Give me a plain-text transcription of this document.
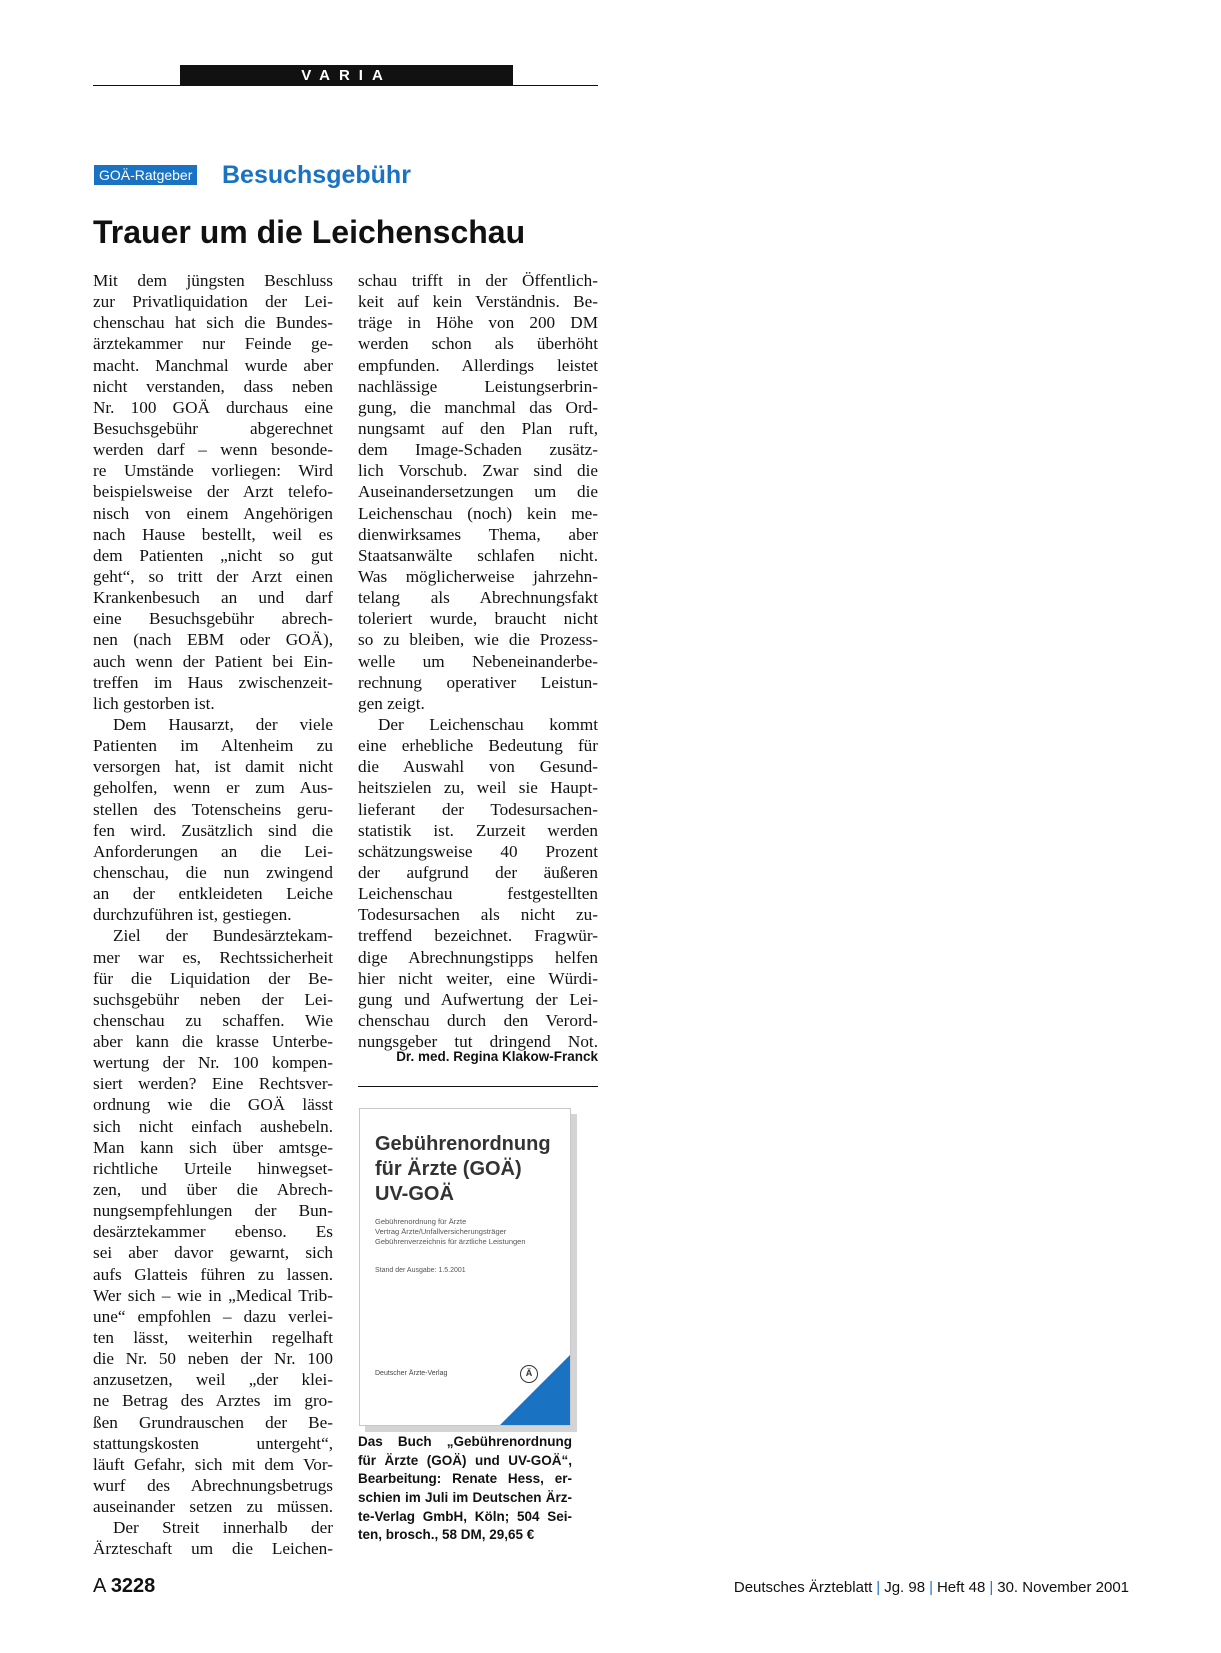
VARIA
GOÄ-Ratgeber Besuchsgebühr
Trauer um die Leichenschau
Mit dem jüngsten Beschluss
zur Privatliquidation der Lei-
chenschau hat sich die Bundes-
ärztekammer nur Feinde ge-
macht. Manchmal wurde aber
nicht verstanden, dass neben
Nr. 100 GOÄ durchaus eine
Besuchsgebühr abgerechnet
werden darf – wenn besonde-
re Umstände vorliegen: Wird
beispielsweise der Arzt telefo-
nisch von einem Angehörigen
nach Hause bestellt, weil es
dem Patienten „nicht so gut
geht“, so tritt der Arzt einen
Krankenbesuch an und darf
eine Besuchsgebühr abrech-
nen (nach EBM oder GOÄ),
auch wenn der Patient bei Ein-
treffen im Haus zwischenzeit-
lich gestorben ist.
Dem Hausarzt, der viele
Patienten im Altenheim zu
versorgen hat, ist damit nicht
geholfen, wenn er zum Aus-
stellen des Totenscheins geru-
fen wird. Zusätzlich sind die
Anforderungen an die Lei-
chenschau, die nun zwingend
an der entkleideten Leiche
durchzuführen ist, gestiegen.
Ziel der Bundesärztekam-
mer war es, Rechtssicherheit
für die Liquidation der Be-
suchsgebühr neben der Lei-
chenschau zu schaffen. Wie
aber kann die krasse Unterbe-
wertung der Nr. 100 kompen-
siert werden? Eine Rechtsver-
ordnung wie die GOÄ lässt
sich nicht einfach aushebeln.
Man kann sich über amtsge-
richtliche Urteile hinwegset-
zen, und über die Abrech-
nungsempfehlungen der Bun-
desärztekammer ebenso. Es
sei aber davor gewarnt, sich
aufs Glatteis führen zu lassen.
Wer sich – wie in „Medical Trib-
une“ empfohlen – dazu verlei-
ten lässt, weiterhin regelhaft
die Nr. 50 neben der Nr. 100
anzusetzen, weil „der klei-
ne Betrag des Arztes im gro-
ßen Grundrauschen der Be-
stattungskosten untergeht“,
läuft Gefahr, sich mit dem Vor-
wurf des Abrechnungsbetrugs
auseinander setzen zu müssen.
Der Streit innerhalb der
Ärzteschaft um die Leichen-
schau trifft in der Öffentlich-
keit auf kein Verständnis. Be-
träge in Höhe von 200 DM
werden schon als überhöht
empfunden. Allerdings leistet
nachlässige Leistungserbrin-
gung, die manchmal das Ord-
nungsamt auf den Plan ruft,
dem Image-Schaden zusätz-
lich Vorschub. Zwar sind die
Auseinandersetzungen um die
Leichenschau (noch) kein me-
dienwirksames Thema, aber
Staatsanwälte schlafen nicht.
Was möglicherweise jahrzehn-
telang als Abrechnungsfakt
toleriert wurde, braucht nicht
so zu bleiben, wie die Prozess-
welle um Nebeneinanderbe-
rechnung operativer Leistun-
gen zeigt.
Der Leichenschau kommt
eine erhebliche Bedeutung für
die Auswahl von Gesund-
heitszielen zu, weil sie Haupt-
lieferant der Todesursachen-
statistik ist. Zurzeit werden
schätzungsweise 40 Prozent
der aufgrund der äußeren
Leichenschau festgestellten
Todesursachen als nicht zu-
treffend bezeichnet. Fragwür-
dige Abrechnungstipps helfen
hier nicht weiter, eine Würdi-
gung und Aufwertung der Lei-
chenschau durch den Verord-
nungsgeber tut dringend Not.
Dr. med. Regina Klakow-Franck
Gebührenordnung
für Ärzte (GOÄ)
UV-GOÄ
Gebührenordnung für Ärzte
Vertrag Ärzte/Unfallversicherungsträger
Gebührenverzeichnis für ärztliche Leistungen
Stand der Ausgabe: 1.5.2001
Deutscher Ärzte-Verlag	Ä
Das Buch „Gebührenordnung
für Ärzte (GOÄ) und UV-GOÄ“,
Bearbeitung: Renate Hess, er-
schien im Juli im Deutschen Ärz-
te-Verlag GmbH, Köln; 504 Sei-
ten, brosch., 58 DM, 29,65 €
A 3228	Deutsches Ärzteblatt | Jg. 98 | Heft 48 | 30. November 2001
